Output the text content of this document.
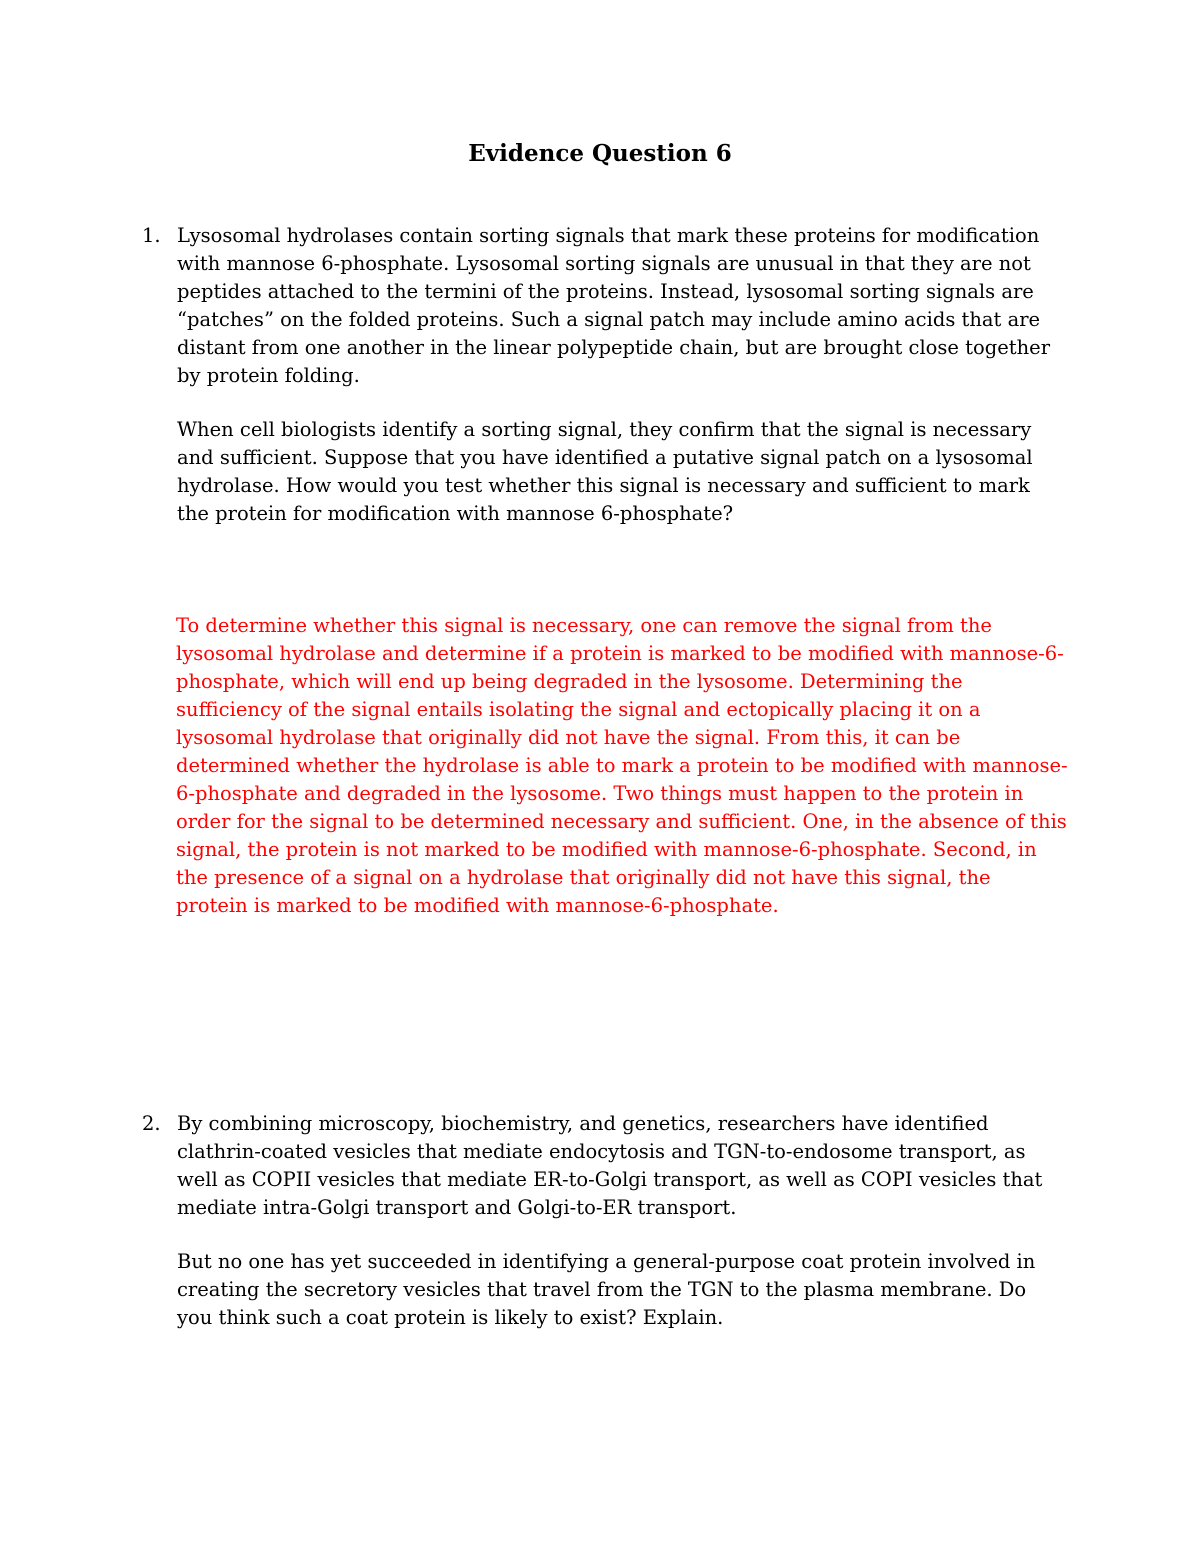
Evidence Question 6
1. Lysosomal hydrolases contain sorting signals that mark these proteins for modification with mannose 6-phosphate. Lysosomal sorting signals are unusual in that they are not peptides attached to the termini of the proteins. Instead, lysosomal sorting signals are “patches” on the folded proteins. Such a signal patch may include amino acids that are distant from one another in the linear polypeptide chain, but are brought close together by protein folding.

When cell biologists identify a sorting signal, they confirm that the signal is necessary and sufficient. Suppose that you have identified a putative signal patch on a lysosomal hydrolase. How would you test whether this signal is necessary and sufficient to mark the protein for modification with mannose 6-phosphate?

To determine whether this signal is necessary, one can remove the signal from the lysosomal hydrolase and determine if a protein is marked to be modified with mannose-6-phosphate, which will end up being degraded in the lysosome. Determining the sufficiency of the signal entails isolating the signal and ectopically placing it on a lysosomal hydrolase that originally did not have the signal. From this, it can be determined whether the hydrolase is able to mark a protein to be modified with mannose-6-phosphate and degraded in the lysosome. Two things must happen to the protein in order for the signal to be determined necessary and sufficient. One, in the absence of this signal, the protein is not marked to be modified with mannose-6-phosphate. Second, in the presence of a signal on a hydrolase that originally did not have this signal, the protein is marked to be modified with mannose-6-phosphate.

2. By combining microscopy, biochemistry, and genetics, researchers have identified clathrin-coated vesicles that mediate endocytosis and TGN-to-endosome transport, as well as COPII vesicles that mediate ER-to-Golgi transport, as well as COPI vesicles that mediate intra-Golgi transport and Golgi-to-ER transport.

But no one has yet succeeded in identifying a general-purpose coat protein involved in creating the secretory vesicles that travel from the TGN to the plasma membrane. Do you think such a coat protein is likely to exist? Explain.
